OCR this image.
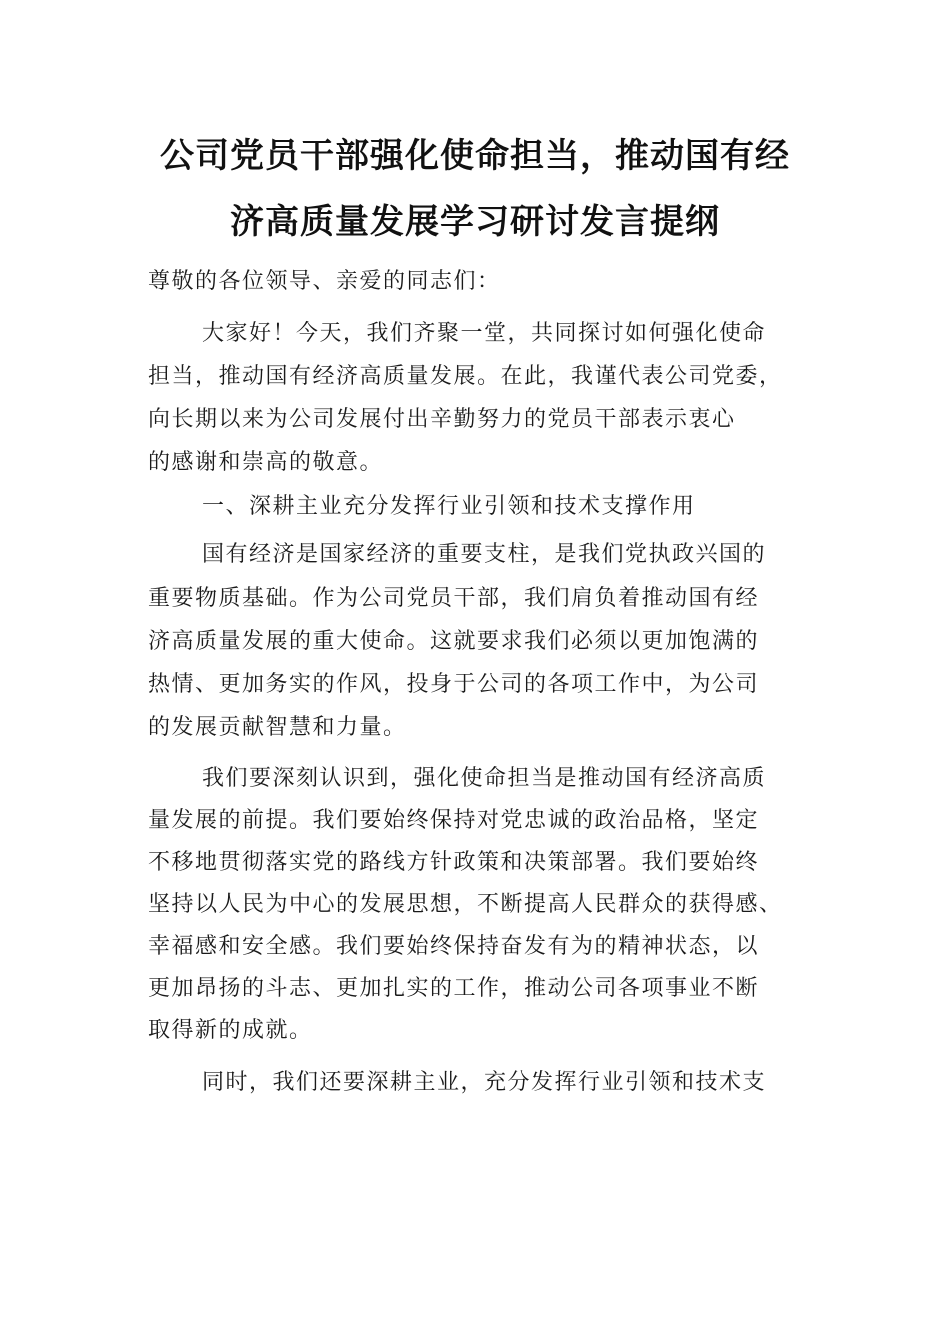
公司党员干部强化使命担当，推动国有经
济高质量发展学习研讨发言提纲
尊敬的各位领导、亲爱的同志们：
大家好！今天，我们齐聚一堂，共同探讨如何强化使命
担当，推动国有经济高质量发展。在此，我谨代表公司党委，
向长期以来为公司发展付出辛勤努力的党员干部表示衷心
的感谢和崇高的敬意。
一、深耕主业充分发挥行业引领和技术支撑作用
国有经济是国家经济的重要支柱，是我们党执政兴国的
重要物质基础。作为公司党员干部，我们肩负着推动国有经
济高质量发展的重大使命。这就要求我们必须以更加饱满的
热情、更加务实的作风，投身于公司的各项工作中，为公司
的发展贡献智慧和力量。
我们要深刻认识到，强化使命担当是推动国有经济高质
量发展的前提。我们要始终保持对党忠诚的政治品格，坚定
不移地贯彻落实党的路线方针政策和决策部署。我们要始终
坚持以人民为中心的发展思想，不断提高人民群众的获得感、
幸福感和安全感。我们要始终保持奋发有为的精神状态，以
更加昂扬的斗志、更加扎实的工作，推动公司各项事业不断
取得新的成就。
同时，我们还要深耕主业，充分发挥行业引领和技术支
